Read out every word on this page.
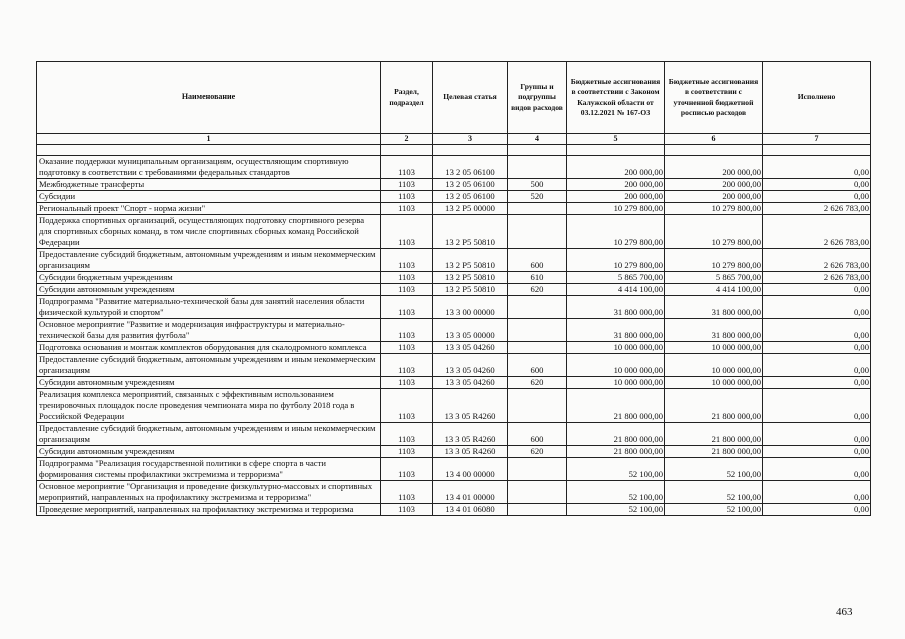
Наименование	Раздел, подраздел	Целевая статья	Группы и подгруппы видов расходов	Бюджетные ассигнования в соответствии с Законом Калужской области от 03.12.2021 № 167-ОЗ	Бюджетные ассигнования в соответствии с уточненной бюджетной росписью расходов	Исполнено
1	2	3	4	5	6	7

Оказание поддержки муниципальным организациям, осуществляющим спортивную подготовку в соответствии с требованиями федеральных стандартов	1103	13 2 05 06100		200 000,00	200 000,00	0,00
Межбюджетные трансферты	1103	13 2 05 06100	500	200 000,00	200 000,00	0,00
Субсидии	1103	13 2 05 06100	520	200 000,00	200 000,00	0,00
Региональный проект "Спорт - норма жизни"	1103	13 2 P5 00000		10 279 800,00	10 279 800,00	2 626 783,00
Поддержка спортивных организаций, осуществляющих подготовку спортивного резерва для спортивных сборных команд, в том числе спортивных сборных команд Российской Федерации	1103	13 2 P5 50810		10 279 800,00	10 279 800,00	2 626 783,00
Предоставление субсидий бюджетным, автономным учреждениям и иным некоммерческим организациям	1103	13 2 P5 50810	600	10 279 800,00	10 279 800,00	2 626 783,00
Субсидии бюджетным учреждениям	1103	13 2 P5 50810	610	5 865 700,00	5 865 700,00	2 626 783,00
Субсидии автономным учреждениям	1103	13 2 P5 50810	620	4 414 100,00	4 414 100,00	0,00
Подпрограмма "Развитие материально-технической базы для занятий населения области физической культурой и спортом"	1103	13 3 00 00000		31 800 000,00	31 800 000,00	0,00
Основное мероприятие "Развитие и модернизация инфраструктуры и материально-технической базы для развития футбола"	1103	13 3 05 00000		31 800 000,00	31 800 000,00	0,00
Подготовка основания и монтаж комплектов оборудования для скалодромного комплекса	1103	13 3 05 04260		10 000 000,00	10 000 000,00	0,00
Предоставление субсидий бюджетным, автономным учреждениям и иным некоммерческим организациям	1103	13 3 05 04260	600	10 000 000,00	10 000 000,00	0,00
Субсидии автономным учреждениям	1103	13 3 05 04260	620	10 000 000,00	10 000 000,00	0,00
Реализация комплекса мероприятий, связанных с эффективным использованием тренировочных площадок после проведения чемпионата мира по футболу 2018 года в Российской Федерации	1103	13 3 05 R4260		21 800 000,00	21 800 000,00	0,00
Предоставление субсидий бюджетным, автономным учреждениям и иным некоммерческим организациям	1103	13 3 05 R4260	600	21 800 000,00	21 800 000,00	0,00
Субсидии автономным учреждениям	1103	13 3 05 R4260	620	21 800 000,00	21 800 000,00	0,00
Подпрограмма "Реализация государственной политики в сфере спорта в части формирования системы профилактики экстремизма и терроризма"	1103	13 4 00 00000		52 100,00	52 100,00	0,00
Основное мероприятие "Организация и проведение физкультурно-массовых и спортивных мероприятий, направленных на профилактику экстремизма и терроризма"	1103	13 4 01 00000		52 100,00	52 100,00	0,00
Проведение мероприятий, направленных на профилактику экстремизма и терроризма	1103	13 4 01 06080		52 100,00	52 100,00	0,00
463
